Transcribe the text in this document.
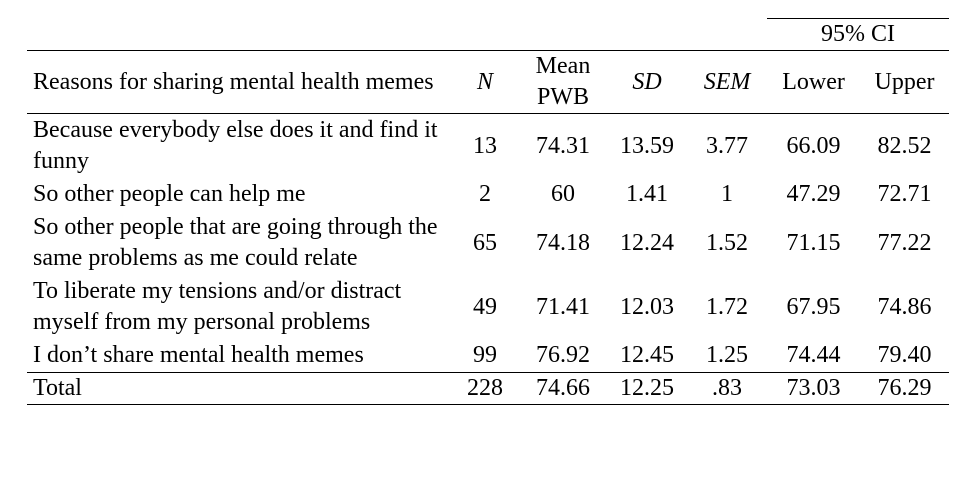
					95% CI	
Reasons for sharing mental health memes	N	Mean PWB	SD	SEM	Lower	Upper
Because everybody else does it and find it funny	13	74.31	13.59	3.77	66.09	82.52
So other people can help me	2	60	1.41	1	47.29	72.71
So other people that are going through the same problems as me could relate	65	74.18	12.24	1.52	71.15	77.22
To liberate my tensions and/or distract myself from my personal problems	49	71.41	12.03	1.72	67.95	74.86
I don’t share mental health memes	99	76.92	12.45	1.25	74.44	79.40
Total	228	74.66	12.25	.83	73.03	76.29
